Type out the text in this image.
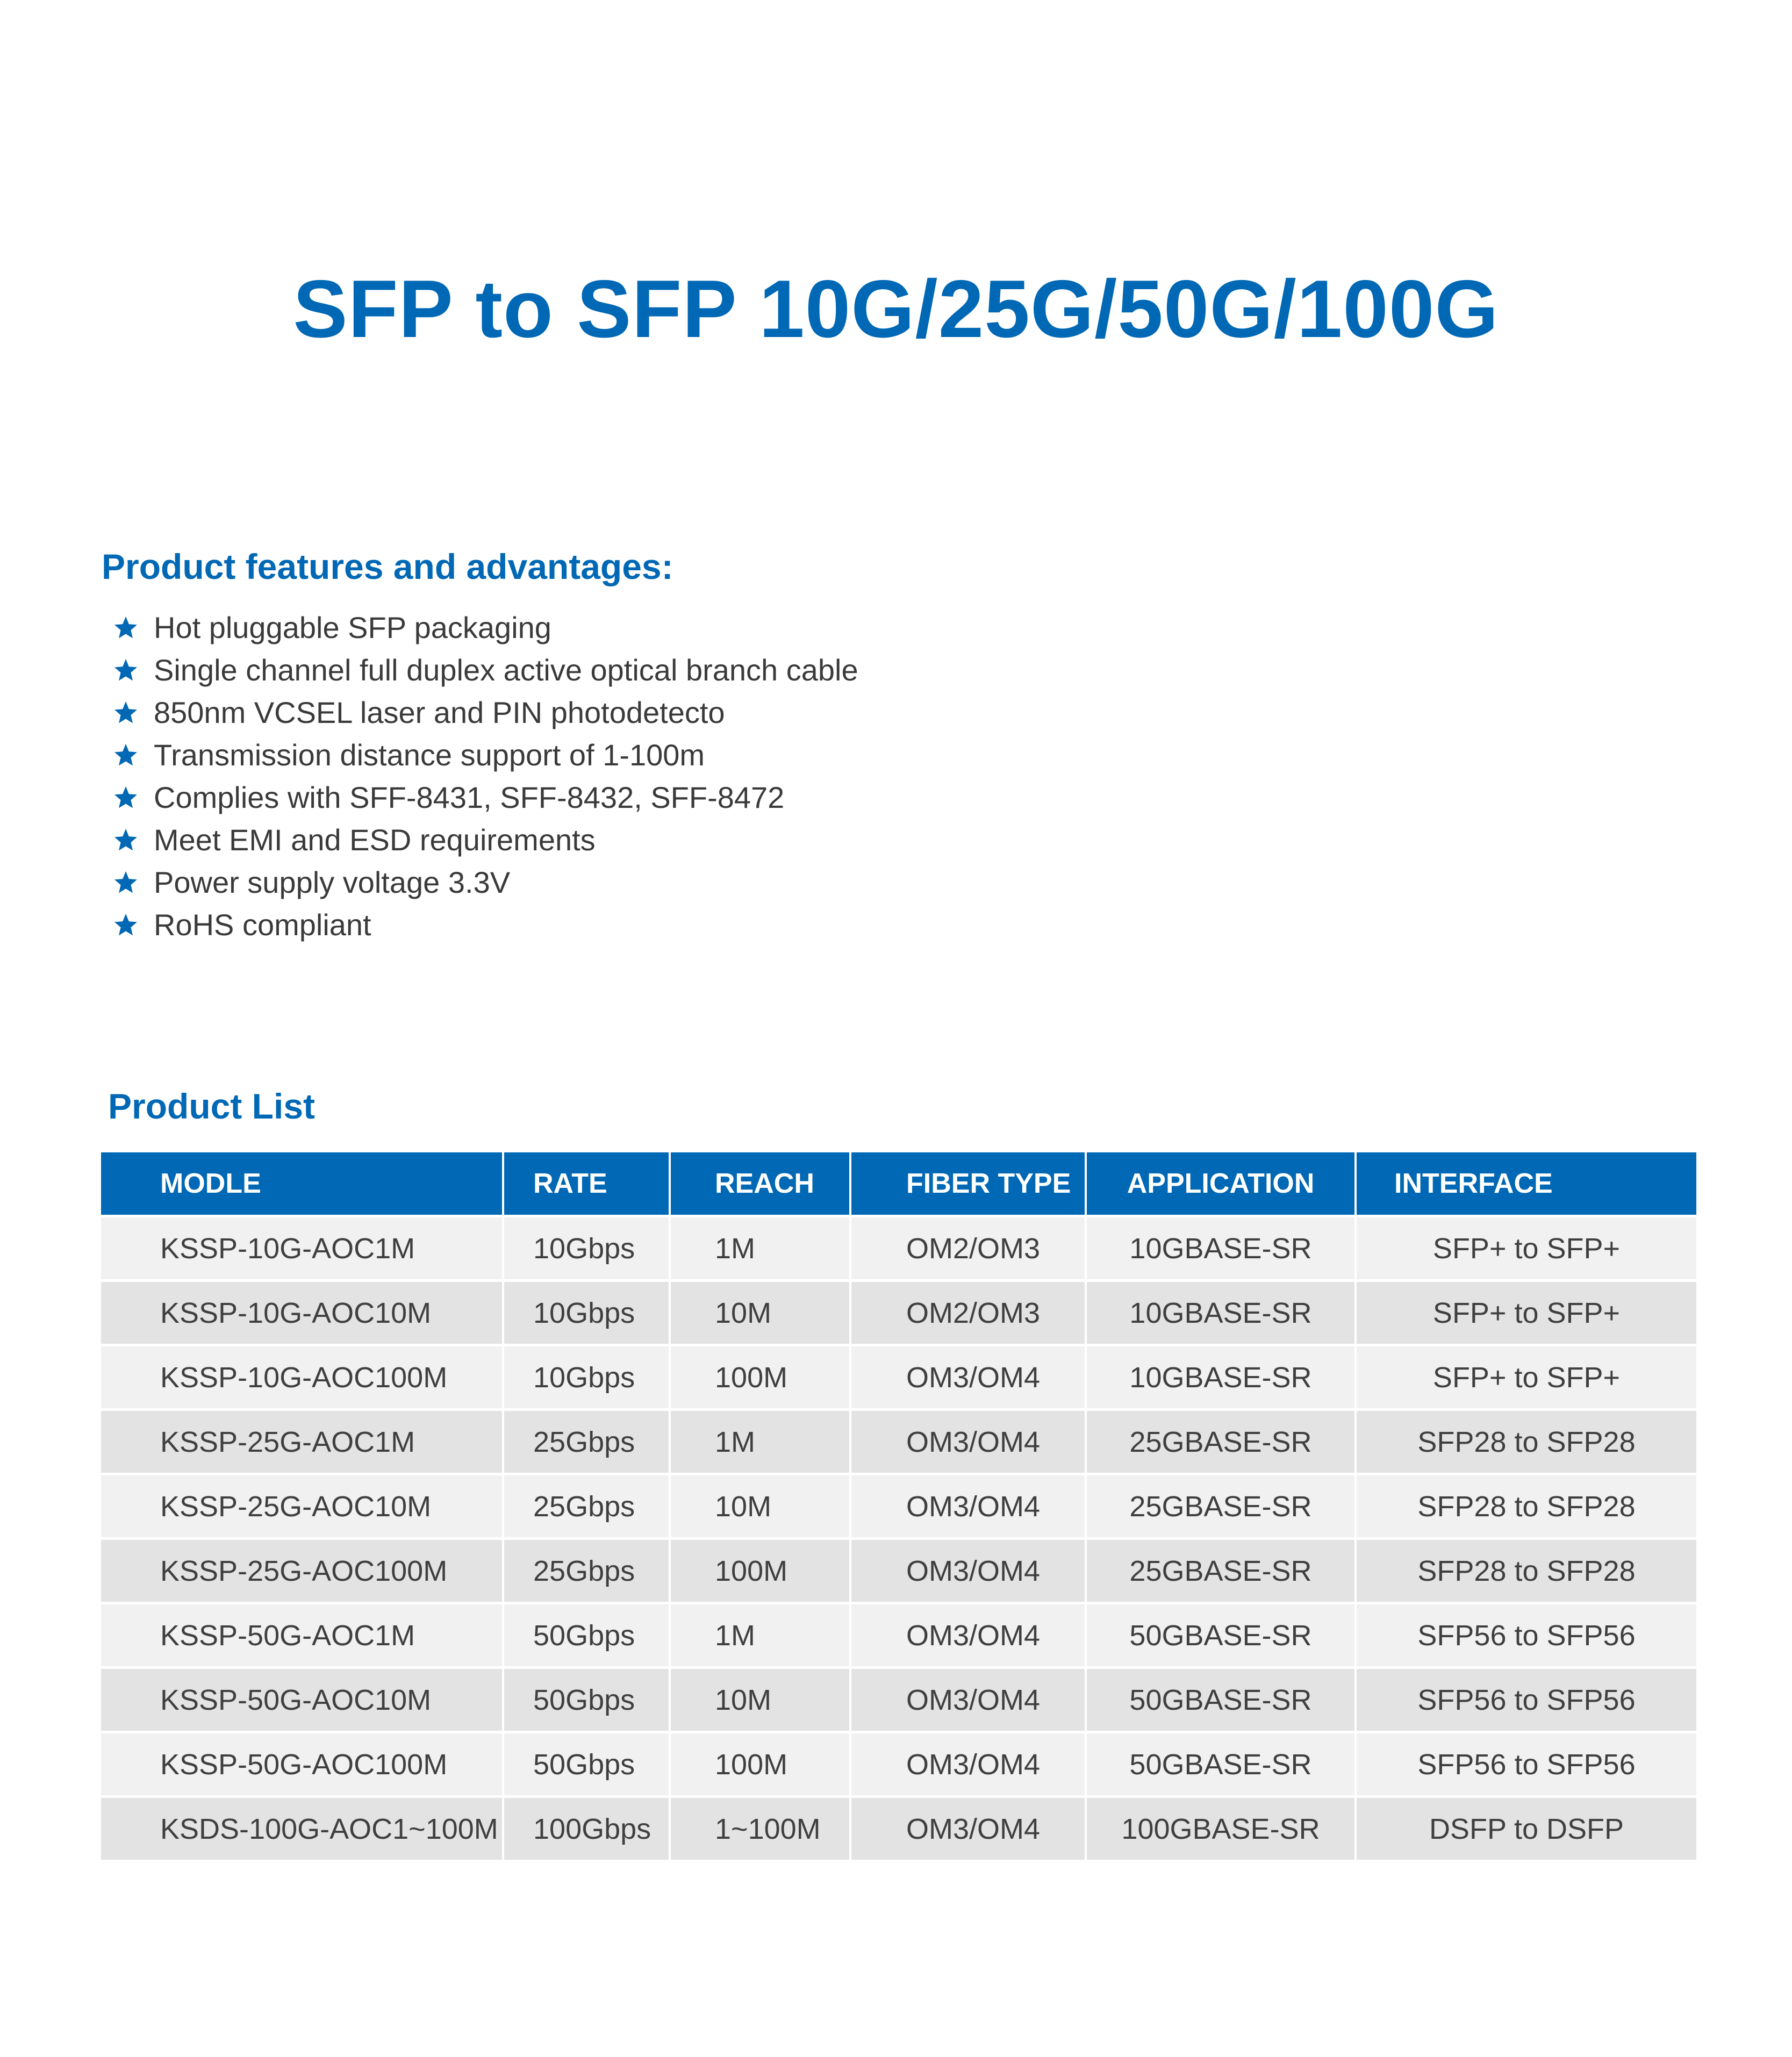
SFP to SFP 10G/25G/50G/100G
Product features and advantages:
Hot pluggable SFP packaging
Single channel full duplex active optical branch cable
850nm VCSEL laser and PIN photodetecto
Transmission distance support of 1-100m
Complies with SFF-8431, SFF-8432, SFF-8472
Meet EMI and ESD requirements
Power supply voltage 3.3V
RoHS compliant
Product List
MODLE	RATE	REACH	FIBER TYPE	APPLICATION	INTERFACE
KSSP-10G-AOC1M	10Gbps	1M	OM2/OM3	10GBASE-SR	SFP+ to SFP+
KSSP-10G-AOC10M	10Gbps	10M	OM2/OM3	10GBASE-SR	SFP+ to SFP+
KSSP-10G-AOC100M	10Gbps	100M	OM3/OM4	10GBASE-SR	SFP+ to SFP+
KSSP-25G-AOC1M	25Gbps	1M	OM3/OM4	25GBASE-SR	SFP28 to SFP28
KSSP-25G-AOC10M	25Gbps	10M	OM3/OM4	25GBASE-SR	SFP28 to SFP28
KSSP-25G-AOC100M	25Gbps	100M	OM3/OM4	25GBASE-SR	SFP28 to SFP28
KSSP-50G-AOC1M	50Gbps	1M	OM3/OM4	50GBASE-SR	SFP56 to SFP56
KSSP-50G-AOC10M	50Gbps	10M	OM3/OM4	50GBASE-SR	SFP56 to SFP56
KSSP-50G-AOC100M	50Gbps	100M	OM3/OM4	50GBASE-SR	SFP56 to SFP56
KSDS-100G-AOC1~100M	100Gbps	1~100M	OM3/OM4	100GBASE-SR	DSFP to DSFP
